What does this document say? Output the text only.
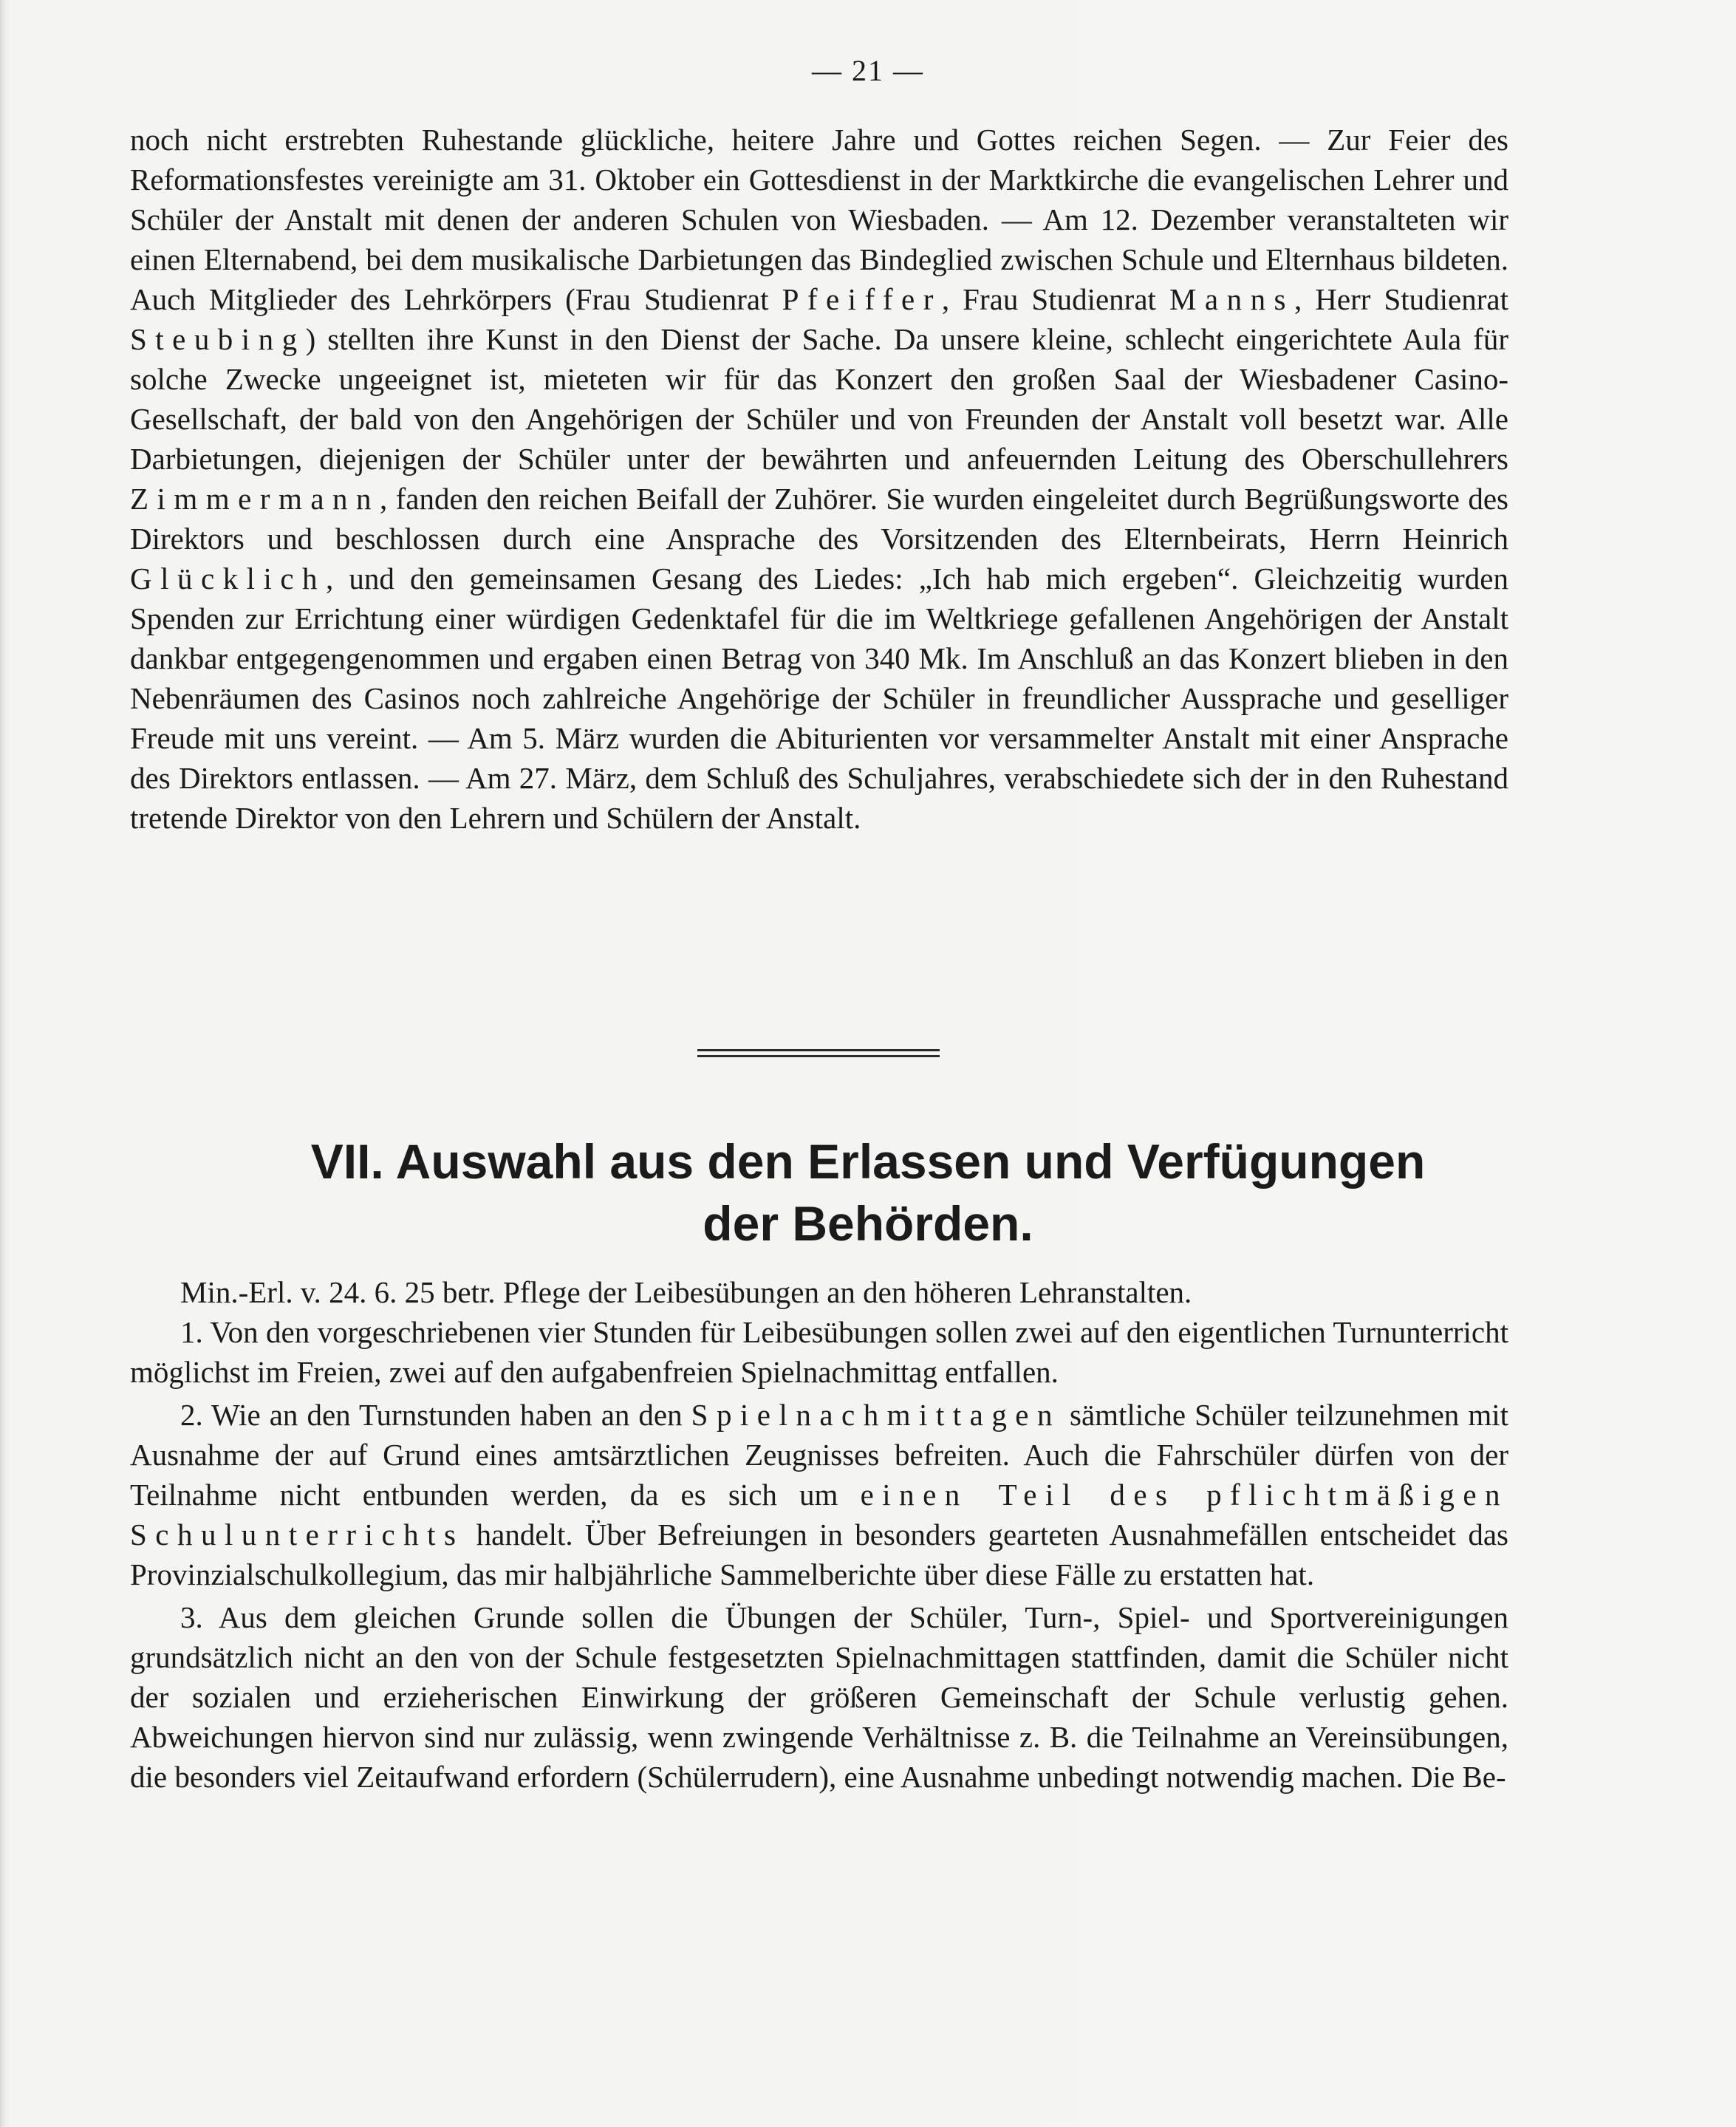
— 21 —

noch nicht erstrebten Ruhestande glückliche, heitere Jahre und Gottes reichen Segen. — Zur Feier des Reformationsfestes vereinigte am 31. Oktober ein Gottesdienst in der Marktkirche die evangelischen Lehrer und Schüler der Anstalt mit denen der anderen Schulen von Wiesbaden. — Am 12. Dezember veranstalteten wir einen Elternabend, bei dem musikalische Darbietungen das Bindeglied zwischen Schule und Elternhaus bildeten. Auch Mitglieder des Lehrkörpers (Frau Studienrat Pfeiffer, Frau Studienrat Manns, Herr Studienrat Steubing) stellten ihre Kunst in den Dienst der Sache. Da unsere kleine, schlecht eingerichtete Aula für solche Zwecke ungeeignet ist, mieteten wir für das Konzert den großen Saal der Wiesbadener Casino-Gesellschaft, der bald von den Angehörigen der Schüler und von Freunden der Anstalt voll besetzt war. Alle Darbietungen, diejenigen der Schüler unter der bewährten und anfeuernden Leitung des Oberschullehrers Zimmermann, fanden den reichen Beifall der Zuhörer. Sie wurden eingeleitet durch Begrüßungsworte des Direktors und beschlossen durch eine Ansprache des Vorsitzenden des Elternbeirats, Herrn Heinrich Glücklich, und den gemeinsamen Gesang des Liedes: „Ich hab mich ergeben“. Gleichzeitig wurden Spenden zur Errichtung einer würdigen Gedenktafel für die im Weltkriege gefallenen Angehörigen der Anstalt dankbar entgegengenommen und ergaben einen Betrag von 340 Mk. Im Anschluß an das Konzert blieben in den Nebenräumen des Casinos noch zahlreiche Angehörige der Schüler in freundlicher Aussprache und geselliger Freude mit uns vereint. — Am 5. März wurden die Abiturienten vor versammelter Anstalt mit einer Ansprache des Direktors entlassen. — Am 27. März, dem Schluß des Schuljahres, verabschiedete sich der in den Ruhestand tretende Direktor von den Lehrern und Schülern der Anstalt.

VII. Auswahl aus den Erlassen und Verfügungen
der Behörden.

Min.-Erl. v. 24. 6. 25 betr. Pflege der Leibesübungen an den höheren Lehranstalten.

1. Von den vorgeschriebenen vier Stunden für Leibesübungen sollen zwei auf den eigentlichen Turnunterricht möglichst im Freien, zwei auf den aufgabenfreien Spielnachmittag entfallen.

2. Wie an den Turnstunden haben an den Spielnachmittagen sämtliche Schüler teilzunehmen mit Ausnahme der auf Grund eines amtsärztlichen Zeugnisses befreiten. Auch die Fahrschüler dürfen von der Teilnahme nicht entbunden werden, da es sich um einen Teil des pflichtmäßigen Schulunterrichts handelt. Über Befreiungen in besonders gearteten Ausnahmefällen entscheidet das Provinzialschulkollegium, das mir halbjährliche Sammelberichte über diese Fälle zu erstatten hat.

3. Aus dem gleichen Grunde sollen die Übungen der Schüler, Turn-, Spiel- und Sportvereinigungen grundsätzlich nicht an den von der Schule festgesetzten Spielnachmittagen stattfinden, damit die Schüler nicht der sozialen und erzieherischen Einwirkung der größeren Gemeinschaft der Schule verlustig gehen. Abweichungen hiervon sind nur zulässig, wenn zwingende Verhältnisse z. B. die Teilnahme an Vereinsübungen, die besonders viel Zeitaufwand erfordern (Schülerrudern), eine Ausnahme unbedingt notwendig machen. Die Be-
